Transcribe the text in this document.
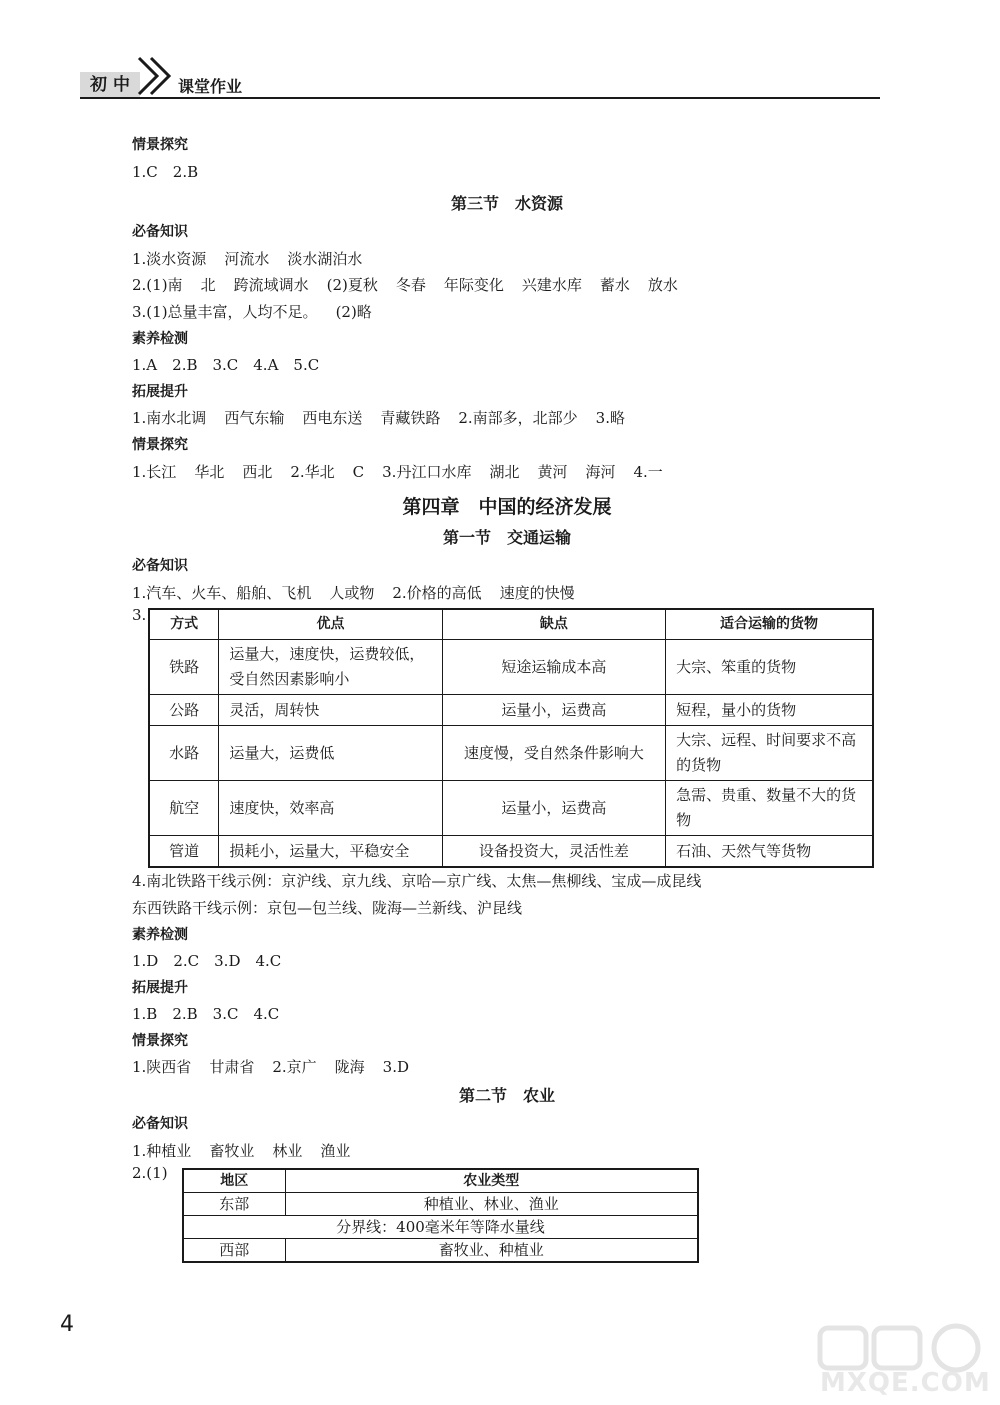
初中	课堂作业
情景探究
1.C　2.B
第三节　水资源
必备知识
1.淡水资源 河流水 淡水湖泊水
2.(1)南 北 跨流域调水 (2)夏秋 冬春 年际变化 兴建水库 蓄水 放水
3.(1)总量丰富，人均不足。 (2)略
素养检测
1.A　2.B　3.C　4.A　5.C
拓展提升
1.南水北调 西气东输 西电东送 青藏铁路 2.南部多，北部少 3.略
情景探究
1.长江 华北 西北 2.华北 C 3.丹江口水库 湖北 黄河 海河 4.一
第四章　中国的经济发展
第一节　交通运输
必备知识
1.汽车、火车、船舶、飞机 人或物 2.价格的高低 速度的快慢
3. 方式	优点	缺点	适合运输的货物
铁路	运量大，速度快，运费较低，受自然因素影响小	短途运输成本高	大宗、笨重的货物
公路	灵活，周转快	运量小，运费高	短程，量小的货物
水路	运量大，运费低	速度慢，受自然条件影响大	大宗、远程、时间要求不高的货物
航空	速度快，效率高	运量小，运费高	急需、贵重、数量不大的货物
管道	损耗小，运量大，平稳安全	设备投资大，灵活性差	石油、天然气等货物
4.南北铁路干线示例：京沪线、京九线、京哈—京广线、太焦—焦柳线、宝成—成昆线
东西铁路干线示例：京包—包兰线、陇海—兰新线、沪昆线
素养检测
1.D　2.C　3.D　4.C
拓展提升
1.B　2.B　3.C　4.C
情景探究
1.陕西省 甘肃省 2.京广 陇海 3.D
第二节　农业
必备知识
1.种植业 畜牧业 林业 渔业
2.(1)	地区	农业类型
东部	种植业、林业、渔业
分界线：400毫米年等降水量线	
西部	畜牧业、种植业
4
MXQE.COM
